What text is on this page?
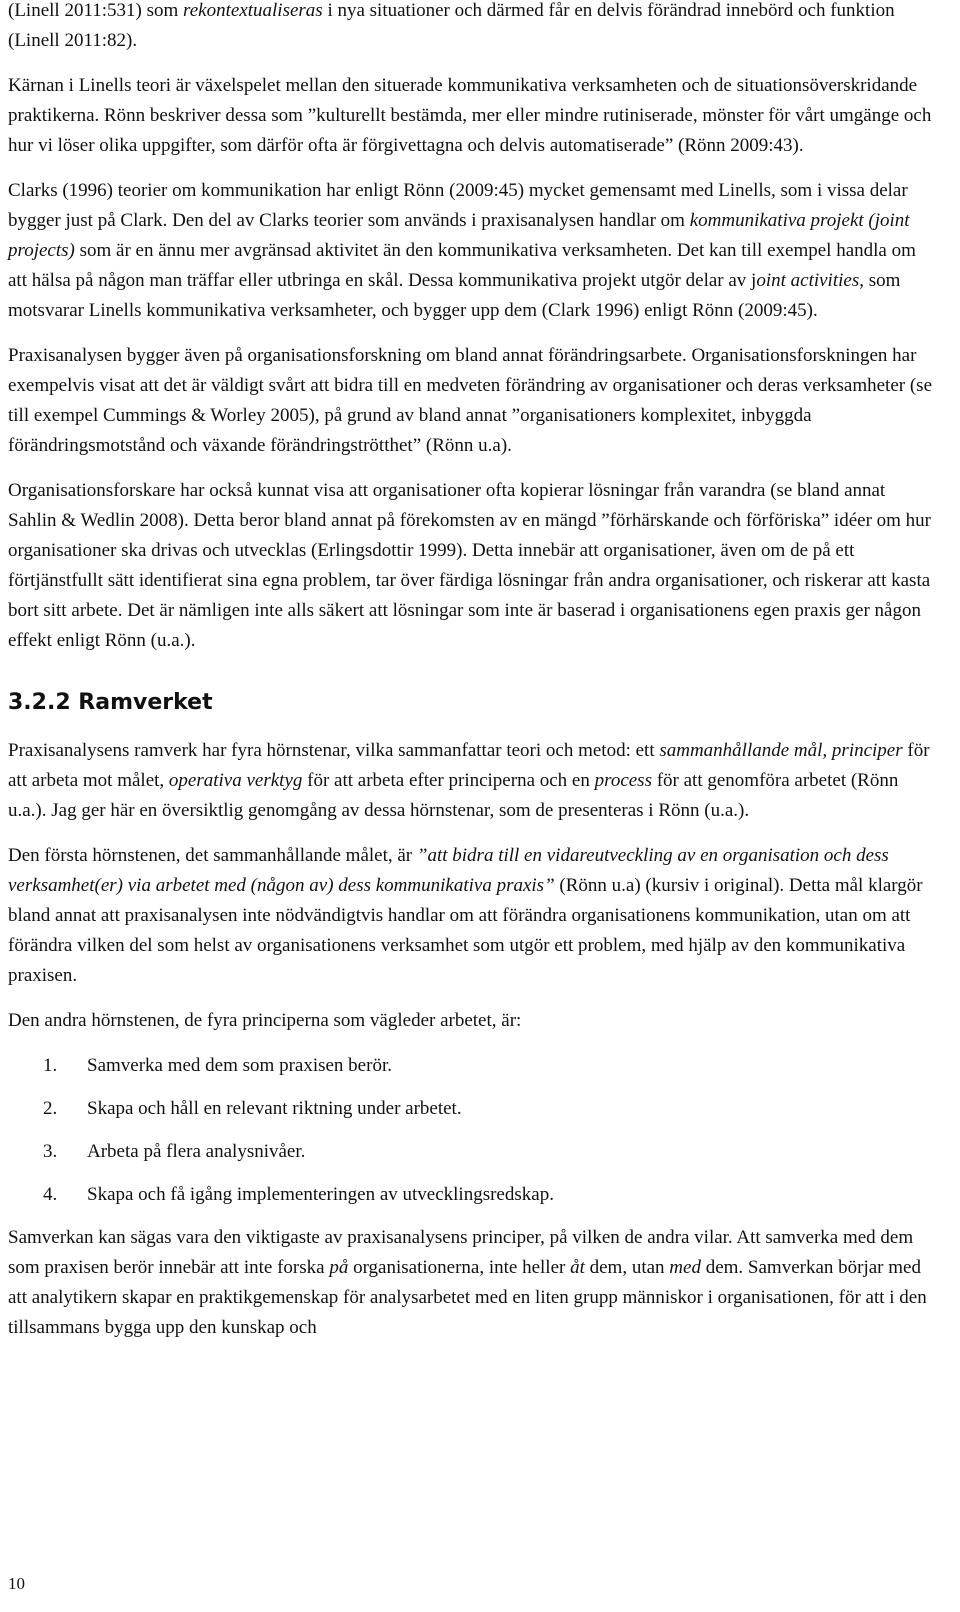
(Linell 2011:531) som rekontextualiseras i nya situationer och därmed får en delvis förändrad innebörd och funktion (Linell 2011:82).

Kärnan i Linells teori är växelspelet mellan den situerade kommunikativa verksamheten och de situationsöverskridande praktikerna. Rönn beskriver dessa som ”kulturellt bestämda, mer eller mindre rutiniserade, mönster för vårt umgänge och hur vi löser olika uppgifter, som därför ofta är förgivettagna och delvis automatiserade” (Rönn 2009:43).

Clarks (1996) teorier om kommunikation har enligt Rönn (2009:45) mycket gemensamt med Linells, som i vissa delar bygger just på Clark. Den del av Clarks teorier som används i praxisanalysen handlar om kommunikativa projekt (joint projects) som är en ännu mer avgränsad aktivitet än den kommunikativa verksamheten. Det kan till exempel handla om att hälsa på någon man träffar eller utbringa en skål. Dessa kommunikativa projekt utgör delar av joint activities, som motsvarar Linells kommunikativa verksamheter, och bygger upp dem (Clark 1996) enligt Rönn (2009:45).

Praxisanalysen bygger även på organisationsforskning om bland annat förändringsarbete. Organisationsforskningen har exempelvis visat att det är väldigt svårt att bidra till en medveten förändring av organisationer och deras verksamheter (se till exempel Cummings & Worley 2005), på grund av bland annat ”organisationers komplexitet, inbyggda förändringsmotstånd och växande förändringströtthet” (Rönn u.a).

Organisationsforskare har också kunnat visa att organisationer ofta kopierar lösningar från varandra (se bland annat Sahlin & Wedlin 2008). Detta beror bland annat på förekomsten av en mängd ”förhärskande och förföriska” idéer om hur organisationer ska drivas och utvecklas (Erlingsdottir 1999). Detta innebär att organisationer, även om de på ett förtjänstfullt sätt identifierat sina egna problem, tar över färdiga lösningar från andra organisationer, och riskerar att kasta bort sitt arbete. Det är nämligen inte alls säkert att lösningar som inte är baserad i organisationens egen praxis ger någon effekt enligt Rönn (u.a.).

3.2.2 Ramverket

Praxisanalysens ramverk har fyra hörnstenar, vilka sammanfattar teori och metod: ett sammanhållande mål, principer för att arbeta mot målet, operativa verktyg för att arbeta efter principerna och en process för att genomföra arbetet (Rönn u.a.). Jag ger här en översiktlig genomgång av dessa hörnstenar, som de presenteras i Rönn (u.a.).

Den första hörnstenen, det sammanhållande målet, är ”att bidra till en vidareutveckling av en organisation och dess verksamhet(er) via arbetet med (någon av) dess kommunikativa praxis” (Rönn u.a) (kursiv i original). Detta mål klargör bland annat att praxisanalysen inte nödvändigtvis handlar om att förändra organisationens kommunikation, utan om att förändra vilken del som helst av organisationens verksamhet som utgör ett problem, med hjälp av den kommunikativa praxisen.

Den andra hörnstenen, de fyra principerna som vägleder arbetet, är:

1.	Samverka med dem som praxisen berör.
2.	Skapa och håll en relevant riktning under arbetet.
3.	Arbeta på flera analysnivåer.
4.	Skapa och få igång implementeringen av utvecklingsredskap.

Samverkan kan sägas vara den viktigaste av praxisanalysens principer, på vilken de andra vilar. Att samverka med dem som praxisen berör innebär att inte forska på organisationerna, inte heller åt dem, utan med dem. Samverkan börjar med att analytikern skapar en praktikgemenskap för analysarbetet med en liten grupp människor i organisationen, för att i den tillsammans bygga upp den kunskap och

10
